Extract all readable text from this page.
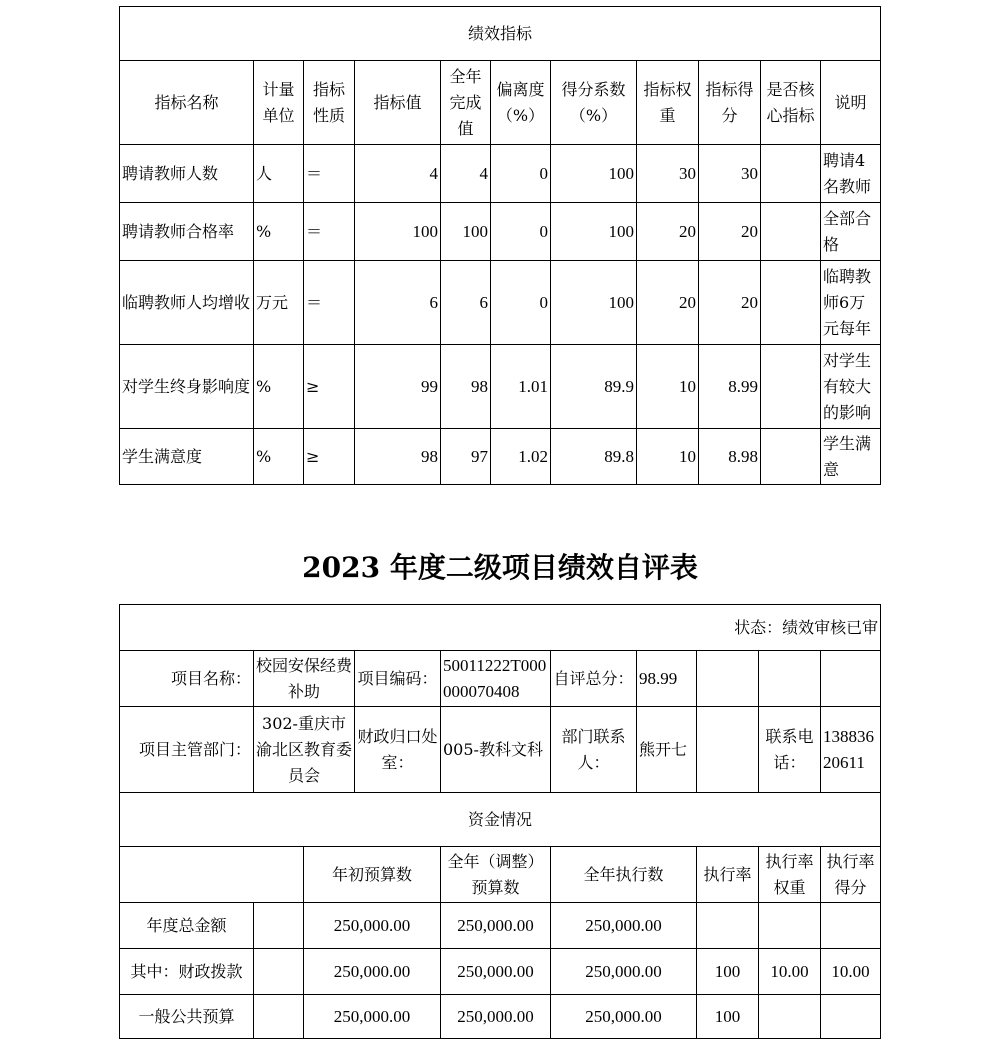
绩效指标										
指标名称	计量单位	指标性质	指标值	全年完成值	偏离度（%）	得分系数（%）	指标权重	指标得分	是否核心指标	说明
聘请教师人数	人	＝	4	4	0	100	30	30		聘请4名教师
聘请教师合格率	%	＝	100	100	0	100	20	20		全部合格
临聘教师人均增收	万元	＝	6	6	0	100	20	20		临聘教师6万元每年
对学生终身影响度	%	≥	99	98	1.01	89.9	10	8.99		对学生有较大的影响
学生满意度	%	≥	98	97	1.02	89.8	10	8.98		学生满意
2023 年度二级项目绩效自评表
状态：绩效审核已审									
项目名称：	校园安保经费补助		项目编码：	50011222T000000070408	自评总分：	98.99			
项目主管部门：	302-重庆市渝北区教育委员会		财政归口处室：	005-教科文科	部门联系人：	熊开七		联系电话：	13883620611
资金情况									
		年初预算数		全年（调整）预算数	全年执行数		执行率	执行率权重	执行率得分
年度总金额		250,000.00		250,000.00	250,000.00				
其中：财政拨款		250,000.00		250,000.00	250,000.00		100	10.00	10.00
一般公共预算		250,000.00		250,000.00	250,000.00		100		
